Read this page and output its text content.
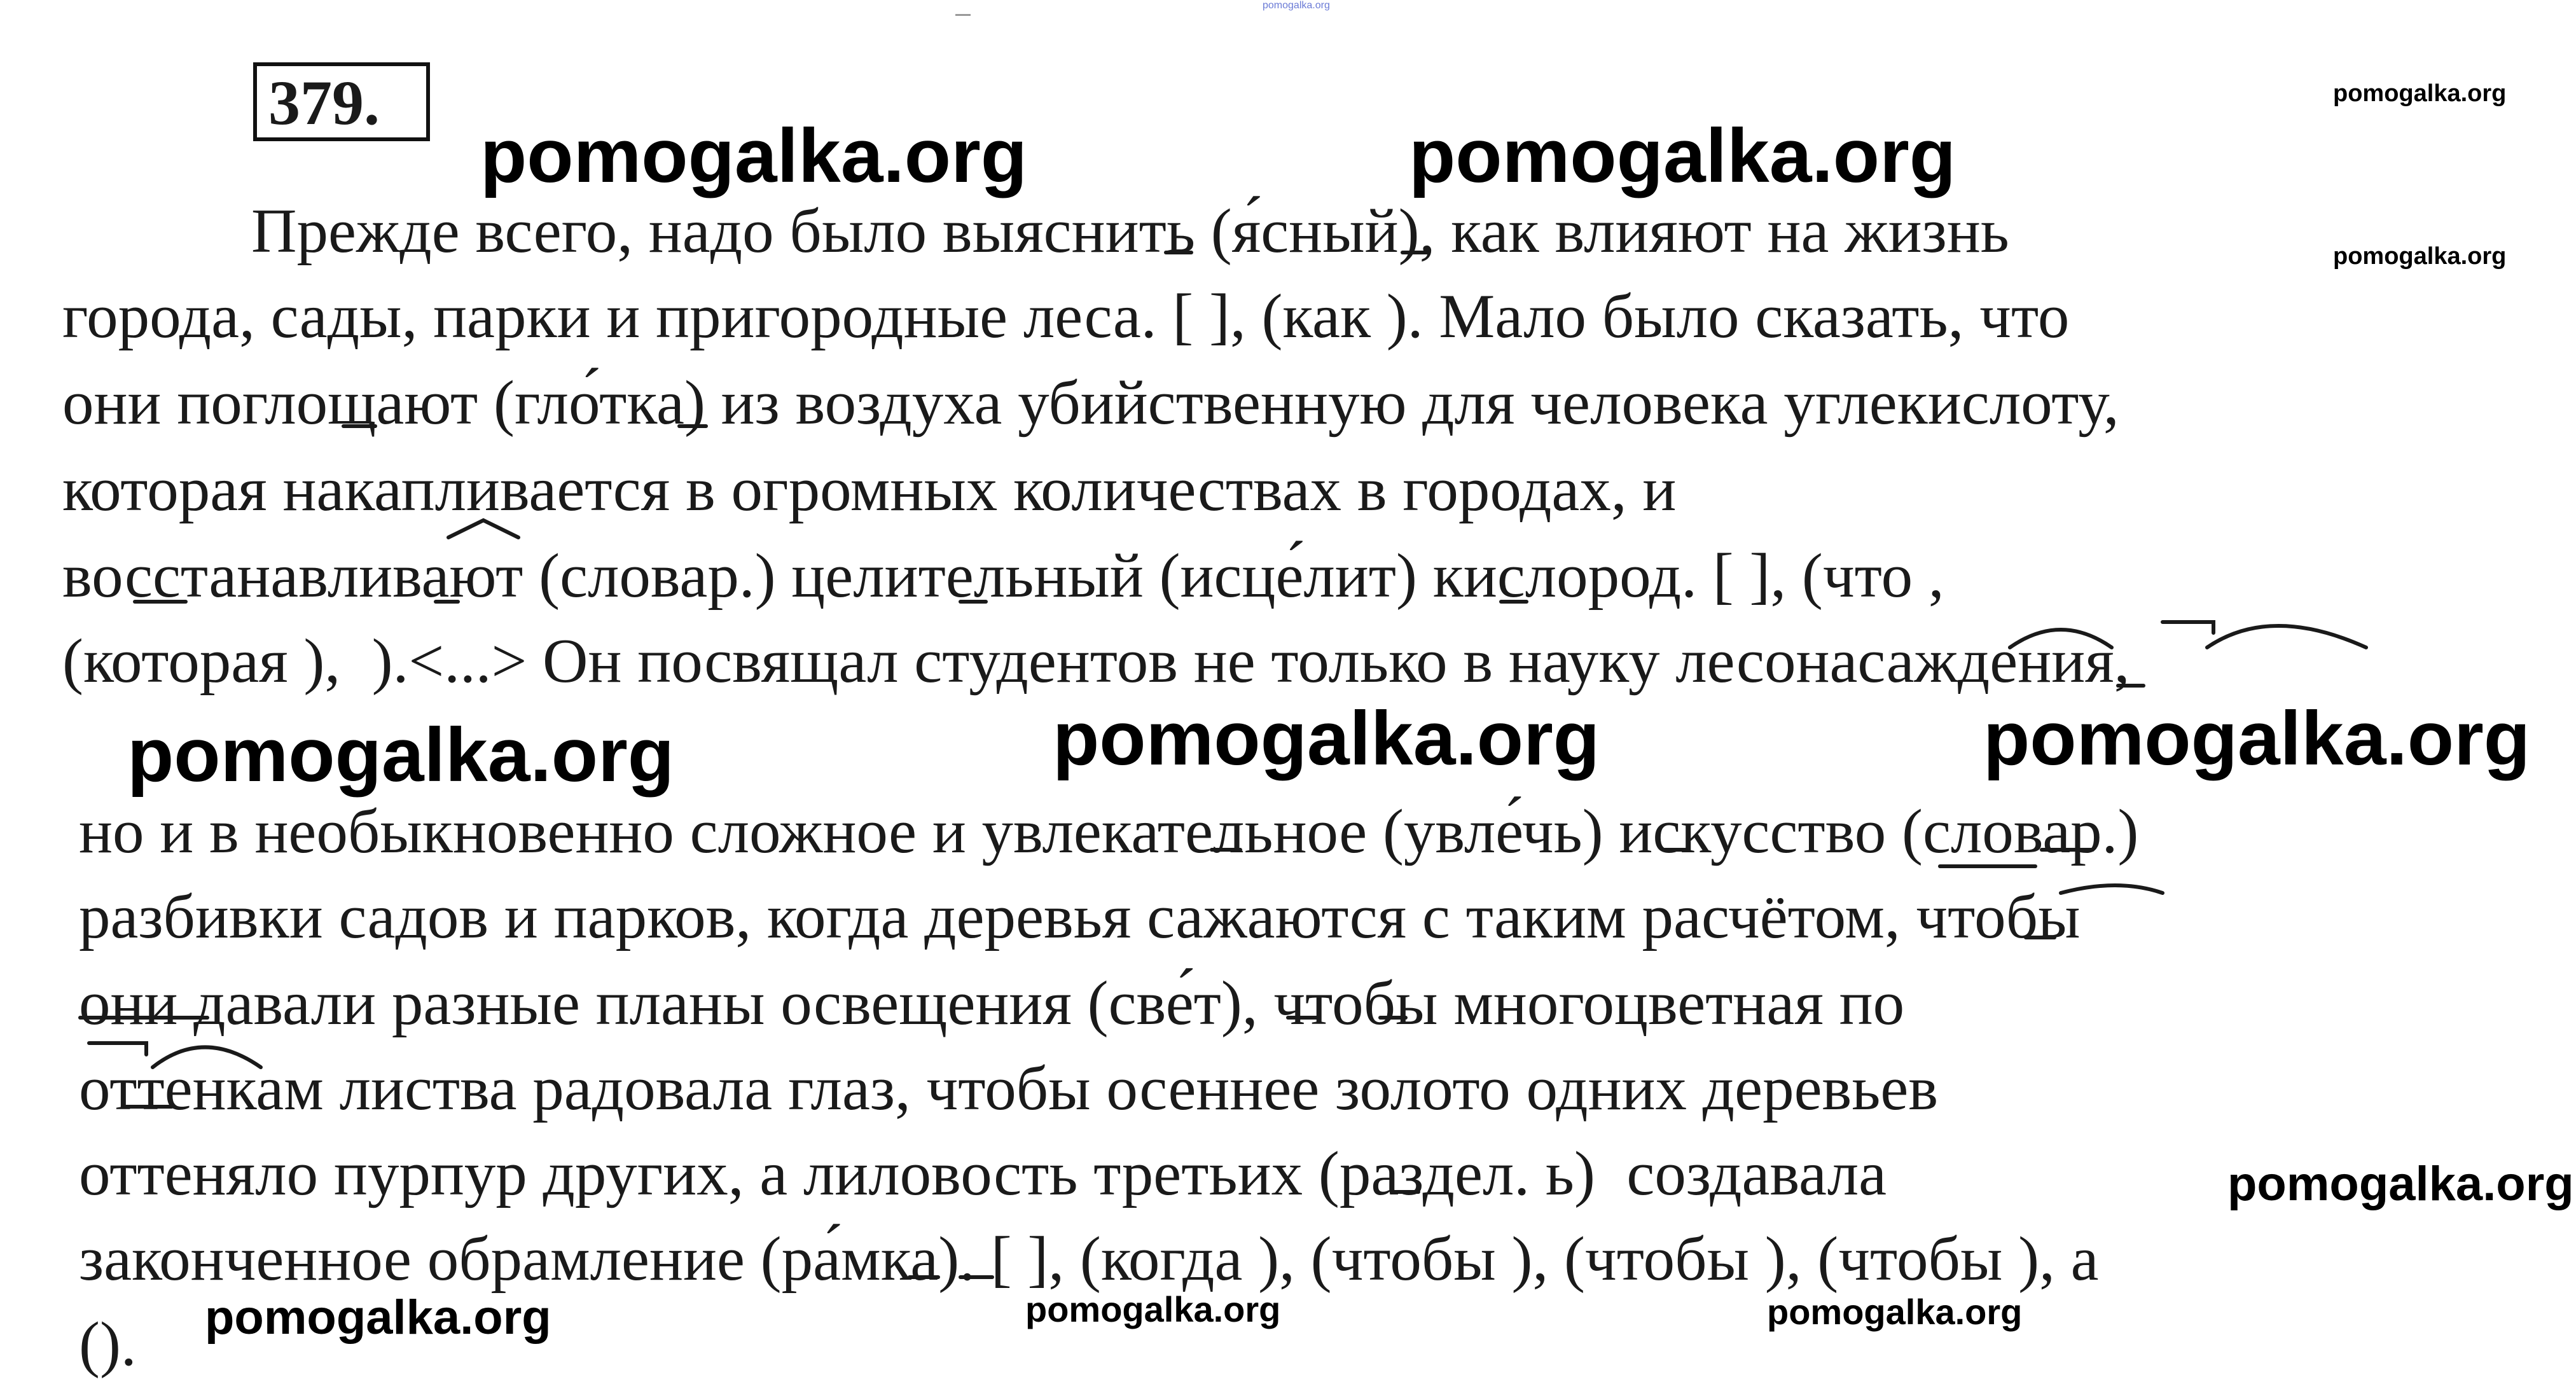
pomogalka.org
379.
pomogalka.org	pomogalka.org
pomogalka.org
pomogalka.org
Прежде всего, надо было выяснить (я́сный), как влияют на жизнь
города, сады, парки и пригородные леса. [ ], (как ). Мало было сказать, что
они поглощают (гло́тка) из воздуха убийственную для человека углекислоту,
которая накапливается в огромных количествах в городах, и
восстанавливают (словар.) целительный (исце́лит) кислород. [ ], (что ,
(которая ),  ).<...> Он посвящал студентов не только в науку лесонасаждения,
pomogalka.org	pomogalka.org	pomogalka.org
но и в необыкновенно сложное и увлекательное (увле́чь) искусство (словар.)
разбивки садов и парков, когда деревья сажаются с таким расчётом, чтобы
они давали разные планы освещения (све́т), чтобы многоцветная по
оттенкам листва радовала глаз, чтобы осеннее золото одних деревьев
оттеняло пурпур других, а лиловость третьих (раздел. ь)  создавала	pomogalka.org
законченное обрамление (ра́мка). [ ], (когда ), (чтобы ), (чтобы ), (чтобы ), а
pomogalka.org	pomogalka.org	pomogalka.org
().
